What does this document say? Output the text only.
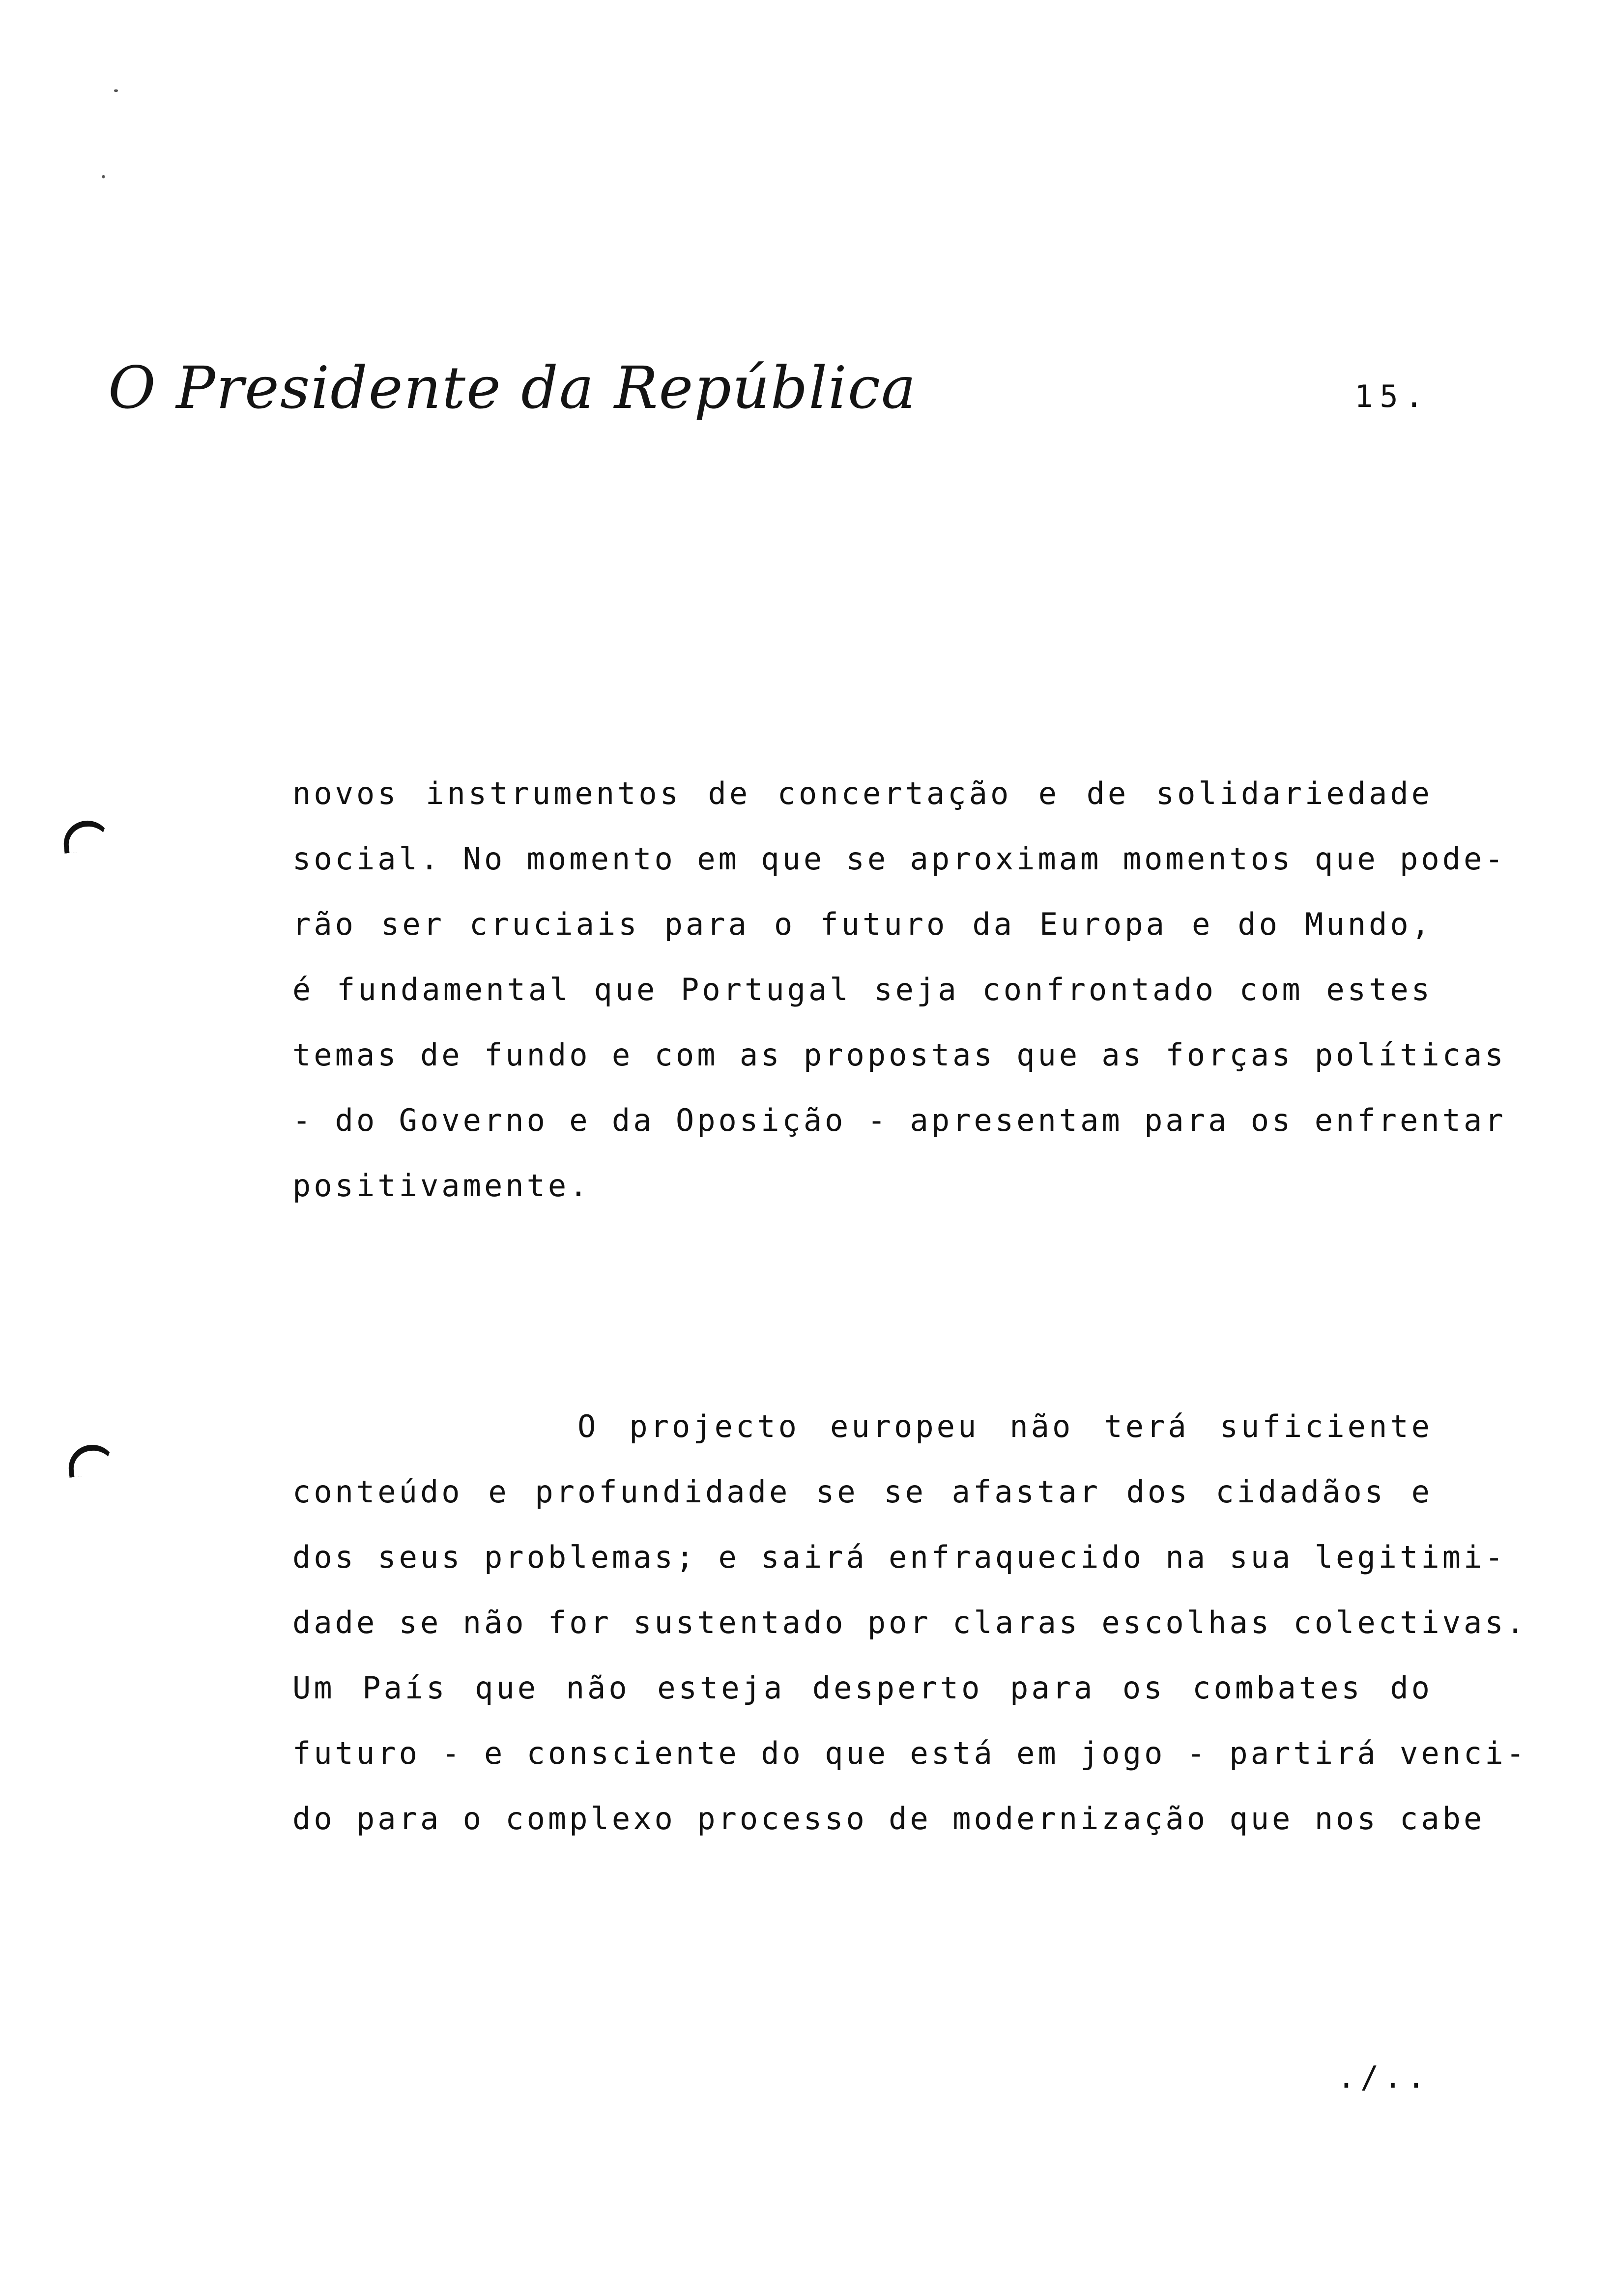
O Presidente da República	15.
novos instrumentos de concertação e de solidariedade
social. No momento em que se aproximam momentos que pode-
rão ser cruciais para o futuro da Europa e do Mundo,
é fundamental que Portugal seja confrontado com estes
temas de fundo e com as propostas que as forças políticas
- do Governo e da Oposição - apresentam para os enfrentar
positivamente.
O projecto europeu não terá suficiente
conteúdo e profundidade se se afastar dos cidadãos e
dos seus problemas; e sairá enfraquecido na sua legitimi-
dade se não for sustentado por claras escolhas colectivas.
Um País que não esteja desperto para os combates do
futuro - e consciente do que está em jogo - partirá venci-
do para o complexo processo de modernização que nos cabe
./..
